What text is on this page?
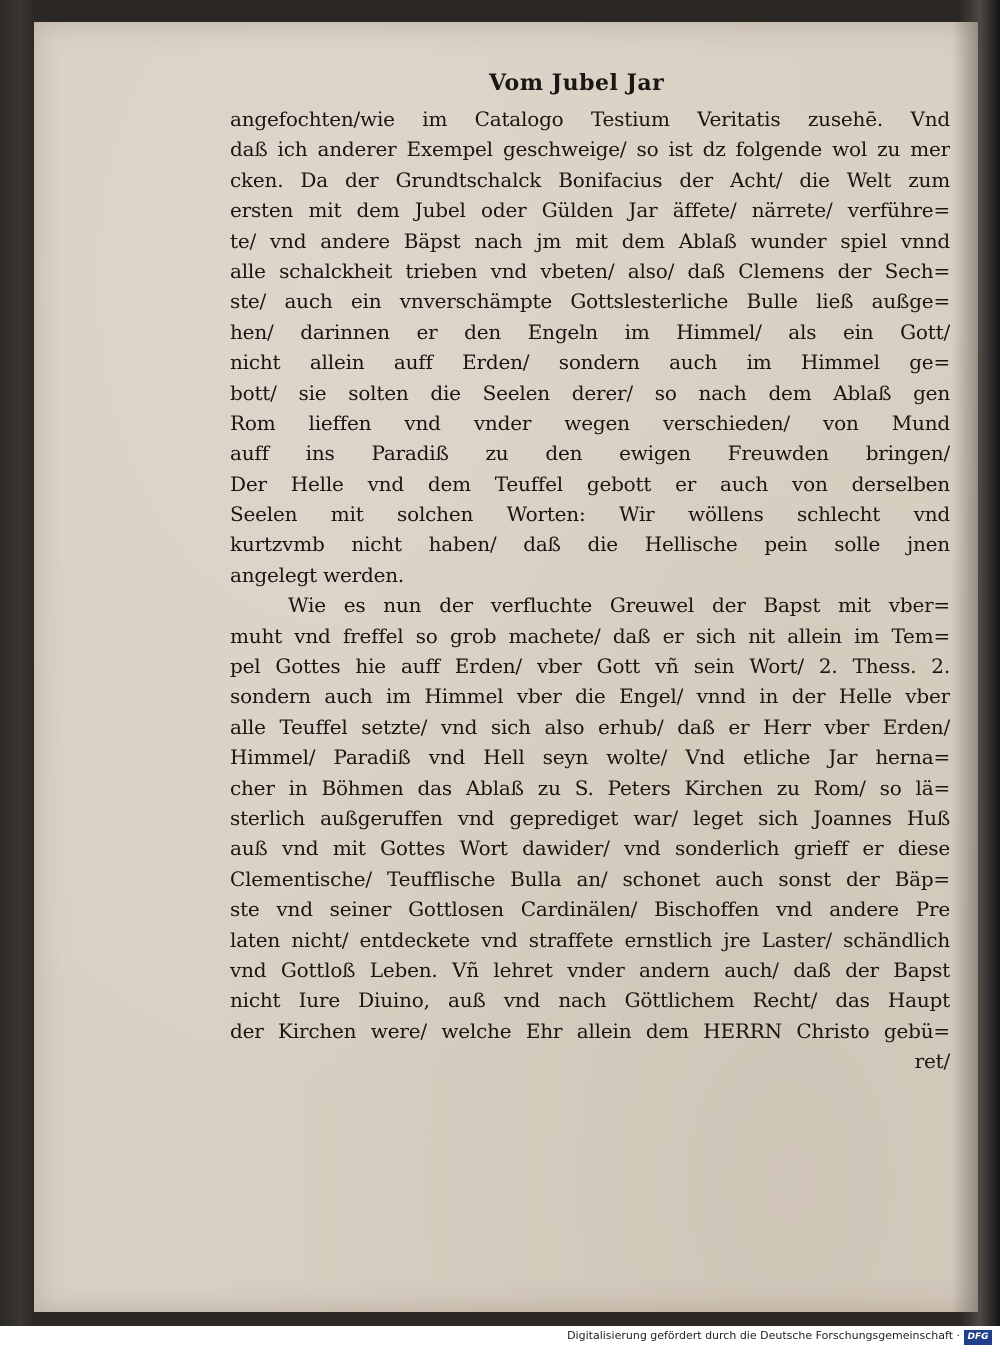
Vom Jubel Jar
angefochten/wie im Catalogo Testium Veritatis zusehē. Vnd
daß ich anderer Exempel geschweige/ so ist dz folgende wol zu mer
cken. Da der Grundtschalck Bonifacius der Acht/ die Welt zum
ersten mit dem Jubel oder Gülden Jar äffete/ närrete/ verführe=
te/ vnd andere Bäpst nach jm mit dem Ablaß wunder spiel vnnd
alle schalckheit trieben vnd vbeten/ also/ daß Clemens der Sech=
ste/ auch ein vnverschämpte Gottslesterliche Bulle ließ außge=
hen/ darinnen er den Engeln im Himmel/ als ein Gott/
nicht allein auff Erden/ sondern auch im Himmel ge=
bott/ sie solten die Seelen derer/ so nach dem Ablaß gen
Rom lieffen vnd vnder wegen verschieden/ von Mund
auff ins Paradiß zu den ewigen Freuwden bringen/
Der Helle vnd dem Teuffel gebott er auch von derselben
Seelen mit solchen Worten: Wir wöllens schlecht vnd
kurtzvmb nicht haben/ daß die Hellische pein solle jnen
angelegt werden.
Wie es nun der verfluchte Greuwel der Bapst mit vber=
muht vnd freffel so grob machete/ daß er sich nit allein im Tem=
pel Gottes hie auff Erden/ vber Gott vñ sein Wort/ 2. Thess. 2.
sondern auch im Himmel vber die Engel/ vnnd in der Helle vber
alle Teuffel setzte/ vnd sich also erhub/ daß er Herr vber Erden/
Himmel/ Paradiß vnd Hell seyn wolte/ Vnd etliche Jar herna=
cher in Böhmen das Ablaß zu S. Peters Kirchen zu Rom/ so lä=
sterlich außgeruffen vnd geprediget war/ leget sich Joannes Huß
auß vnd mit Gottes Wort dawider/ vnd sonderlich grieff er diese
Clementische/ Teufflische Bulla an/ schonet auch sonst der Bäp=
ste vnd seiner Gottlosen Cardinälen/ Bischoffen vnd andere Pre
laten nicht/ entdeckete vnd straffete ernstlich jre Laster/ schändlich
vnd Gottloß Leben. Vñ lehret vnder andern auch/ daß der Bapst
nicht Iure Diuino, auß vnd nach Göttlichem Recht/ das Haupt
der Kirchen were/ welche Ehr allein dem HERRN Christo gebü=
ret/
Digitalisierung gefördert durch die Deutsche Forschungsgemeinschaft · DFG
